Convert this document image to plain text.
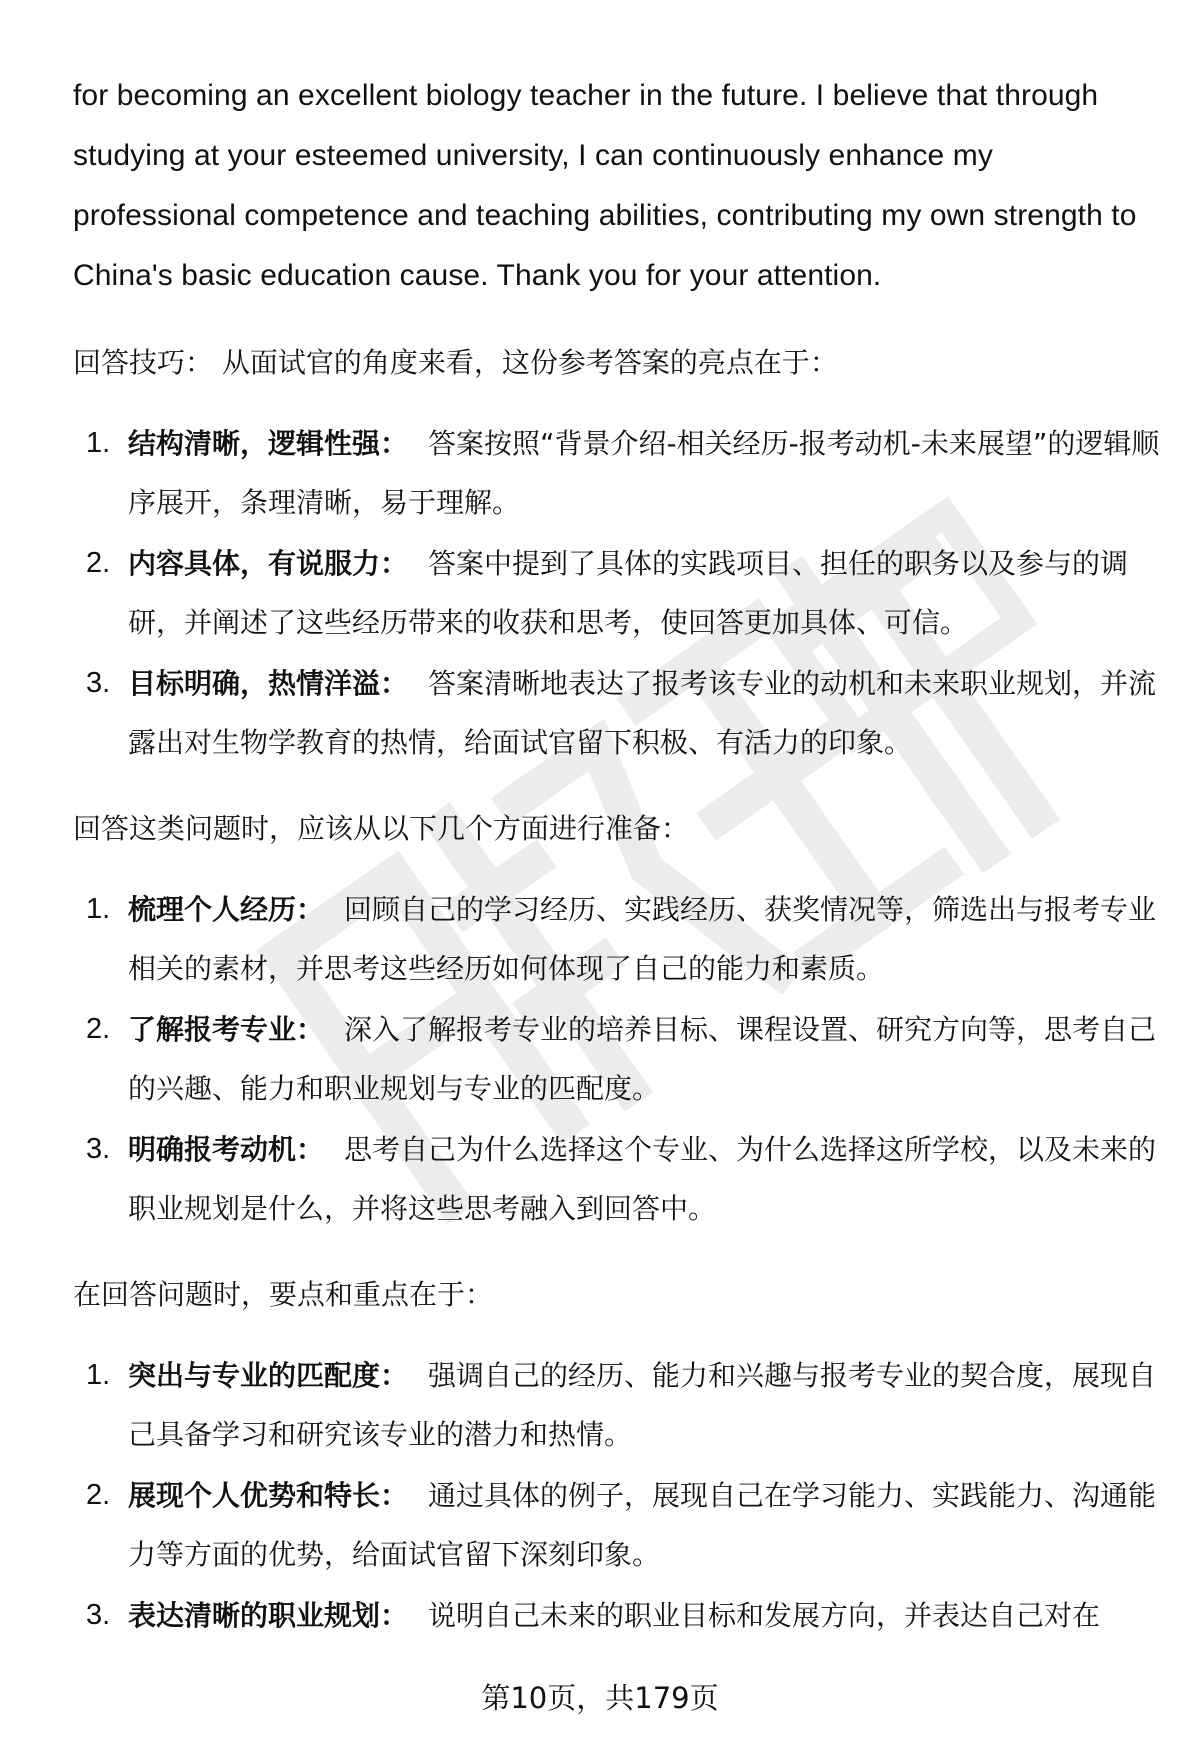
for becoming an excellent biology teacher in the future. I believe that through studying at your esteemed university, I can continuously enhance my professional competence and teaching abilities, contributing my own strength to China's basic education cause. Thank you for your attention.

回答技巧： 从面试官的角度来看，这份参考答案的亮点在于：

1. 结构清晰，逻辑性强： 答案按照“背景介绍-相关经历-报考动机-未来展望”的逻辑顺序展开，条理清晰，易于理解。
2. 内容具体，有说服力： 答案中提到了具体的实践项目、担任的职务以及参与的调研，并阐述了这些经历带来的收获和思考，使回答更加具体、可信。
3. 目标明确，热情洋溢： 答案清晰地表达了报考该专业的动机和未来职业规划，并流露出对生物学教育的热情，给面试官留下积极、有活力的印象。

回答这类问题时，应该从以下几个方面进行准备：

1. 梳理个人经历： 回顾自己的学习经历、实践经历、获奖情况等，筛选出与报考专业相关的素材，并思考这些经历如何体现了自己的能力和素质。
2. 了解报考专业： 深入了解报考专业的培养目标、课程设置、研究方向等，思考自己的兴趣、能力和职业规划与专业的匹配度。
3. 明确报考动机： 思考自己为什么选择这个专业、为什么选择这所学校，以及未来的职业规划是什么，并将这些思考融入到回答中。

在回答问题时，要点和重点在于：

1. 突出与专业的匹配度： 强调自己的经历、能力和兴趣与报考专业的契合度，展现自己具备学习和研究该专业的潜力和热情。
2. 展现个人优势和特长： 通过具体的例子，展现自己在学习能力、实践能力、沟通能力等方面的优势，给面试官留下深刻印象。
3. 表达清晰的职业规划： 说明自己未来的职业目标和发展方向，并表达自己对在
第10页，共179页
